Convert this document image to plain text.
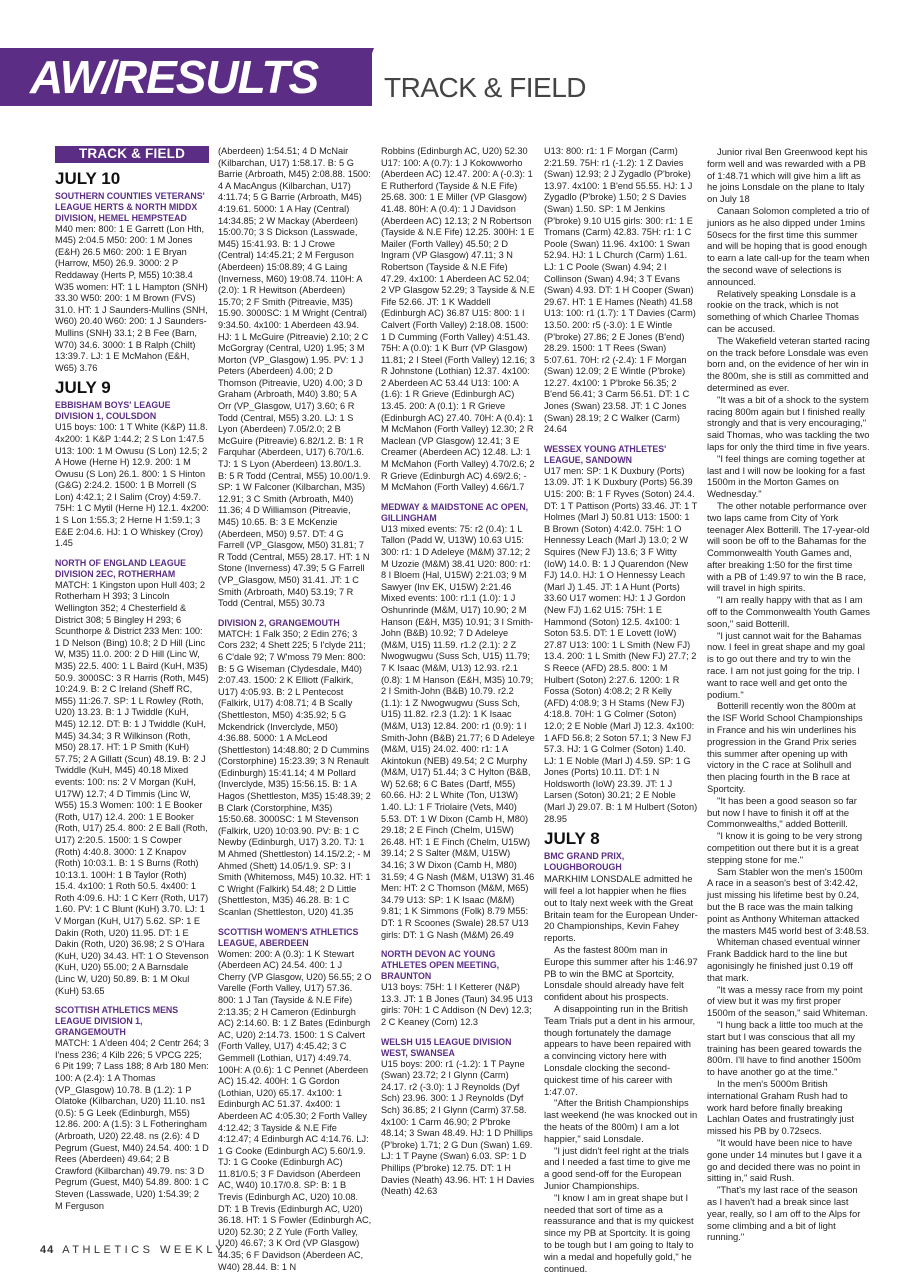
AW/RESULTS TRACK & FIELD
TRACK & FIELD
JULY 10
SOUTHERN COUNTIES VETERANS' LEAGUE HERTS & NORTH MIDDX DIVISION, HEMEL HEMPSTEAD

M40 men: 800: 1 E Garrett (Lon Hth, M45) 2:04.5 M50: 200: 1 M Jones (E&H) 26.5 M60: 200: 1 E Bryan (Harrow, M50) 26.9. 3000: 2 P Reddaway (Herts P, M55) 10:38.4 W35 women: HT: 1 L Hampton (SNH) 33.30 W50: 200: 1 M Brown (FVS) 31.0. HT: 1 J Saunders-Mullins (SNH, W60) 20.40 W60: 200: 1 J Saunders-Mullins (SNH) 33.1; 2 B Fee (Barn, W70) 34.6. 3000: 1 B Ralph (Chilt) 13:39.7. LJ: 1 E McMahon (E&H, W65) 3.76

JULY 9
EBBISHAM BOYS' LEAGUE DIVISION 1, COULSDON

U15 boys: 100: 1 T White (K&P) 11.8. 4x200: 1 K&P 1:44.2; 2 S Lon 1:47.5 U13: 100: 1 M Owusu (S Lon) 12.5; 2 A Howe (Herne H) 12.9. 200: 1 M Owusu (S Lon) 26.1. 800: 1 S Hinton (G&G) 2:24.2. 1500: 1 B Morrell (S Lon) 4:42.1; 2 I Salim (Croy) 4:59.7. 75H: 1 C Mytil (Herne H) 12.1. 4x200: 1 S Lon 1:55.3; 2 Herne H 1:59.1; 3 E&E 2:04.6. HJ: 1 O Whiskey (Croy) 1.45

NORTH OF ENGLAND LEAGUE DIVISION 2EC, ROTHERHAM

MATCH: 1 Kingston upon Hull 403; 2 Rotherham H 393; 3 Lincoln Wellington 352; 4 Chesterfield & District 308; 5 Bingley H 293; 6 Scunthorpe & District 233 Men: 100: 1 D Nelson (Bing) 10.8; 2 D Hill (Linc W, M35) 11.0. 200: 2 D Hill (Linc W, M35) 22.5. 400: 1 L Baird (KuH, M35) 50.9. 3000SC: 3 R Harris (Roth, M45) 10:24.9. B: 2 C Ireland (Sheff RC, M55) 11:26.7. SP: 1 L Rowley (Roth, U20) 13.23. B: 1 J Twiddle (KuH, M45) 12.12. DT: B: 1 J Twiddle (KuH, M45) 34.34; 3 R Wilkinson (Roth, M50) 28.17. HT: 1 P Smith (KuH) 57.75; 2 A Gillatt (Scun) 48.19. B: 2 J Twiddle (KuH, M45) 40.18 Mixed events: 100: ns: 2 V Morgan (KuH, U17W) 12.7; 4 D Timmis (Linc W, W55) 15.3 Women: 100: 1 E Booker (Roth, U17) 12.4. 200: 1 E Booker (Roth, U17) 25.4. 800: 2 E Ball (Roth, U17) 2:20.5. 1500: 1 S Cowper (Roth) 4:40.8. 3000: 1 Z Knapov (Roth) 10:03.1. B: 1 S Burns (Roth) 10:13.1. 100H: 1 B Taylor (Roth) 15.4. 4x100: 1 Roth 50.5. 4x400: 1 Roth 4:09.6. HJ: 1 C Kerr (Roth, U17) 1.60. PV: 1 C Blunt (KuH) 3.70. LJ: 1 V Morgan (KuH, U17) 5.62. SP: 1 E Dakin (Roth, U20) 11.95. DT: 1 E Dakin (Roth, U20) 36.98; 2 S O'Hara (KuH, U20) 34.43. HT: 1 O Stevenson (KuH, U20) 55.00; 2 A Barnsdale (Linc W, U20) 50.89. B: 1 M Okul (KuH) 53.65

SCOTTISH ATHLETICS MENS LEAGUE DIVISION 1, GRANGEMOUTH

MATCH: 1 A'deen 404; 2 Centr 264; 3 I'ness 236; 4 Kilb 226; 5 VPCG 225; 6 Pit 199; 7 Lass 188; 8 Arb 180 Men: 100: A (2.4): 1 A Thomas (VP_Glasgow) 10.78. B (1.2): 1 P Olatoke (Kilbarchan, U20) 11.10. ns1 (0.5): 5 G Leek (Edinburgh, M55) 12.86. 200: A (1.5): 3 L Fotheringham (Arbroath, U20) 22.48. ns (2.6): 4 D Pegrum (Guest, M40) 24.54. 400: 1 D Rees (Aberdeen) 49.64; 2 B Crawford (Kilbarchan) 49.79. ns: 3 D Pegrum (Guest, M40) 54.89. 800: 1 C Steven (Lasswade, U20) 1:54.39; 2 M Ferguson

(Aberdeen) 1:54.51; 4 D McNair (Kilbarchan, U17) 1:58.17. B: 5 G Barrie (Arbroath, M45) 2:08.88. 1500: 4 A MacAngus (Kilbarchan, U17) 4:11.74; 5 G Barrie (Arbroath, M45) 4:19.61. 5000: 1 A Hay (Central) 14:34.85; 2 W Mackay (Aberdeen) 15:00.70; 3 S Dickson (Lasswade, M45) 15:41.93. B: 1 J Crowe (Central) 14:45.21; 2 M Ferguson (Aberdeen) 15:08.89; 4 G Laing (Inverness, M60) 19:08.74. 110H: A (2.0): 1 R Hewitson (Aberdeen) 15.70; 2 F Smith (Pitreavie, M35) 15.90. 3000SC: 1 M Wright (Central) 9:34.50. 4x100: 1 Aberdeen 43.94. HJ: 1 L McGuire (Pitreavie) 2.10; 2 C McGorgray (Central, U20) 1.95; 3 M Morton (VP_Glasgow) 1.95. PV: 1 J Peters (Aberdeen) 4.00; 2 D Thomson (Pitreavie, U20) 4.00; 3 D Graham (Arbroath, M40) 3.80; 5 A Orr (VP_Glasgow, U17) 3.60; 6 R Todd (Central, M55) 3.20. LJ: 1 S Lyon (Aberdeen) 7.05/2.0; 2 B McGuire (Pitreavie) 6.82/1.2. B: 1 R Farquhar (Aberdeen, U17) 6.70/1.6. TJ: 1 S Lyon (Aberdeen) 13.80/1.3. B: 5 R Todd (Central, M55) 10.00/1.9. SP: 1 W Falconer (Kilbarchan, M35) 12.91; 3 C Smith (Arbroath, M40) 11.36; 4 D Williamson (Pitreavie, M45) 10.65. B: 3 E McKenzie (Aberdeen, M50) 9.57. DT: 4 G Farrell (VP_Glasgow, M50) 31.81; 7 R Todd (Central, M55) 28.17. HT: 1 N Stone (Inverness) 47.39; 5 G Farrell (VP_Glasgow, M50) 31.41. JT: 1 C Smith (Arbroath, M40) 53.19; 7 R Todd (Central, M55) 30.73

DIVISION 2, GRANGEMOUTH

MATCH: 1 Falk 350; 2 Edin 276; 3 Cors 232; 4 Shett 225; 5 I'clyde 211; 6 C'dale 92; 7 W'moss 79 Men: 800: B: 5 G Wiseman (Clydesdale, M40) 2:07.43. 1500: 2 K Elliott (Falkirk, U17) 4:05.93. B: 2 L Pentecost (Falkirk, U17) 4:08.71; 4 B Scally (Shettleston, M50) 4:35.92; 5 G Mckendrick (Inverclyde, M50) 4:36.88. 5000: 1 A McLeod (Shettleston) 14:48.80; 2 D Cummins (Corstorphine) 15:23.39; 3 N Renault (Edinburgh) 15:41.14; 4 M Pollard (Inverclyde, M35) 15:56.15. B: 1 A Hagos (Shettleston, M35) 15:48.39; 2 B Clark (Corstorphine, M35) 15:50.68. 3000SC: 1 M Stevenson (Falkirk, U20) 10:03.90. PV: B: 1 C Newby (Edinburgh, U17) 3.20. TJ: 1 M Ahmed (Shettleston) 14.15/2.2; - M Ahmed (Shett) 14.05/1.9. SP: 3 I Smith (Whitemoss, M45) 10.32. HT: 1 C Wright (Falkirk) 54.48; 2 D Little (Shettleston, M35) 46.28. B: 1 C Scanlan (Shettleston, U20) 41.35

SCOTTISH WOMEN'S ATHLETICS LEAGUE, ABERDEEN

Women: 200: A (0.3): 1 K Stewart (Aberdeen AC) 24.54. 400: 1 J Cherry (VP Glasgow, U20) 56.55; 2 O Varelle (Forth Valley, U17) 57.36. 800: 1 J Tan (Tayside & N.E Fife) 2:13.35; 2 H Cameron (Edinburgh AC) 2:14.60. B: 1 Z Bates (Edinburgh AC, U20) 2:14.73. 1500: 1 S Calvert (Forth Valley, U17) 4:45.42; 3 C Gemmell (Lothian, U17) 4:49.74. 100H: A (0.6): 1 C Pennet (Aberdeen AC) 15.42. 400H: 1 G Gordon (Lothian, U20) 65.17. 4x100: 1 Edinburgh AC 51.37. 4x400: 1 Aberdeen AC 4:05.30; 2 Forth Valley 4:12.42; 3 Tayside & N.E Fife 4:12.47; 4 Edinburgh AC 4:14.76. LJ: 1 G Cooke (Edinburgh AC) 5.60/1.9. TJ: 1 G Cooke (Edinburgh AC) 11.81/0.5; 3 F Davidson (Aberdeen AC, W40) 10.17/0.8. SP: B: 1 B Trevis (Edinburgh AC, U20) 10.08. DT: 1 B Trevis (Edinburgh AC, U20) 36.18. HT: 1 S Fowler (Edinburgh AC, U20) 52.30; 2 Z Yule (Forth Valley, U20) 46.67; 3 K Ord (VP Glasgow) 44.35; 6 F Davidson (Aberdeen AC, W40) 28.44. B: 1 N

Robbins (Edinburgh AC, U20) 52.30 U17: 100: A (0.7): 1 J Kokowworho (Aberdeen AC) 12.47. 200: A (-0.3): 1 E Rutherford (Tayside & N.E Fife) 25.68. 300: 1 E Miller (VP Glasgow) 41.48. 80H: A (0.4): 1 J Davidson (Aberdeen AC) 12.13; 2 N Robertson (Tayside & N.E Fife) 12.25. 300H: 1 E Mailer (Forth Valley) 45.50; 2 D Ingram (VP Glasgow) 47.11; 3 N Robertson (Tayside & N.E Fife) 47.29. 4x100: 1 Aberdeen AC 52.04; 2 VP Glasgow 52.29; 3 Tayside & N.E Fife 52.66. JT: 1 K Waddell (Edinburgh AC) 36.87 U15: 800: 1 I Calvert (Forth Valley) 2:18.08. 1500: 1 D Cumming (Forth Valley) 4:51.43. 75H: A (0.0): 1 K Burr (VP Glasgow) 11.81; 2 I Steel (Forth Valley) 12.16; 3 R Johnstone (Lothian) 12.37. 4x100: 2 Aberdeen AC 53.44 U13: 100: A (1.6): 1 R Grieve (Edinburgh AC) 13.45. 200: A (0.1): 1 R Grieve (Edinburgh AC) 27.40. 70H: A (0.4): 1 M McMahon (Forth Valley) 12.30; 2 R Maclean (VP Glasgow) 12.41; 3 E Creamer (Aberdeen AC) 12.48. LJ: 1 M McMahon (Forth Valley) 4.70/2.6; 2 R Grieve (Edinburgh AC) 4.69/2.6; - M McMahon (Forth Valley) 4.66/1.7

MEDWAY & MAIDSTONE AC OPEN, GILLINGHAM

U13 mixed events: 75: r2 (0.4): 1 L Tallon (Padd W, U13W) 10.63 U15: 300: r1: 1 D Adeleye (M&M) 37.12; 2 M Uzozie (M&M) 38.41 U20: 800: r1: 8 I Bloem (Hal, U15W) 2:21.03; 9 M Sawyer (Inv EK, U15W) 2:21.46 Mixed events: 100: r1.1 (1.0): 1 J Oshunrinde (M&M, U17) 10.90; 2 M Hanson (E&H, M35) 10.91; 3 I Smith-John (B&B) 10.92; 7 D Adeleye (M&M, U15) 11.59. r1.2 (2.1): 2 Z Nwogwugwu (Suss Sch, U15) 11.79; 7 K Isaac (M&M, U13) 12.93. r2.1 (0.8): 1 M Hanson (E&H, M35) 10.79; 2 I Smith-John (B&B) 10.79. r2.2 (1.1): 1 Z Nwogwugwu (Suss Sch, U15) 11.82. r2.3 (1.2): 1 K Isaac (M&M, U13) 12.84. 200: r1 (0.9): 1 I Smith-John (B&B) 21.77; 6 D Adeleye (M&M, U15) 24.02. 400: r1: 1 A Akintokun (NEB) 49.54; 2 C Murphy (M&M, U17) 51.44; 3 C Hylton (B&B, W) 52.68; 6 C Bates (Dartf, M55) 60.66. HJ: 2 L White (Ton, U13W) 1.40. LJ: 1 F Triolaire (Vets, M40) 5.53. DT: 1 W Dixon (Camb H, M80) 29.18; 2 E Finch (Chelm, U15W) 26.48. HT: 1 E Finch (Chelm, U15W) 39.14; 2 S Salter (M&M, U15W) 34.16; 3 W Dixon (Camb H, M80) 31.59; 4 G Nash (M&M, U13W) 31.46 Men: HT: 2 C Thomson (M&M, M65) 34.79 U13: SP: 1 K Isaac (M&M) 9.81; 1 K Simmons (Folk) 8.79 M55: DT: 1 R Scoones (Swale) 28.57 U13 girls: DT: 1 G Nash (M&M) 26.49

NORTH DEVON AC YOUNG ATHLETES OPEN MEETING, BRAUNTON

U13 boys: 75H: 1 I Ketterer (N&P) 13.3. JT: 1 B Jones (Taun) 34.95 U13 girls: 70H: 1 C Addison (N Dev) 12.3; 2 C Keaney (Corn) 12.3

WELSH U15 LEAGUE DIVISION WEST, SWANSEA

U15 boys: 200: r1 (-1.2): 1 T Payne (Swan) 23.72; 2 I Glynn (Carm) 24.17. r2 (-3.0): 1 J Reynolds (Dyf Sch) 23.96. 300: 1 J Reynolds (Dyf Sch) 36.85; 2 I Glynn (Carm) 37.58. 4x100: 1 Carm 46.90; 2 P'broke 48.14; 3 Swan 48.49. HJ: 1 D Phillips (P'broke) 1.71; 2 G Dun (Swan) 1.69. LJ: 1 T Payne (Swan) 6.03. SP: 1 D Phillips (P'broke) 12.75. DT: 1 H Davies (Neath) 43.96. HT: 1 H Davies (Neath) 42.63

U13: 800: r1: 1 F Morgan (Carm) 2:21.59. 75H: r1 (-1.2): 1 Z Davies (Swan) 12.93; 2 J Zygadlo (P'broke) 13.97. 4x100: 1 B'end 55.55. HJ: 1 J Zygadlo (P'broke) 1.50; 2 S Davies (Swan) 1.50. SP: 1 M Jenkins (P'broke) 9.10 U15 girls: 300: r1: 1 E Tromans (Carm) 42.83. 75H: r1: 1 C Poole (Swan) 11.96. 4x100: 1 Swan 52.94. HJ: 1 L Church (Carm) 1.61. LJ: 1 C Poole (Swan) 4.94; 2 I Collinson (Swan) 4.94; 3 T Evans (Swan) 4.93. DT: 1 H Cooper (Swan) 29.67. HT: 1 E Hames (Neath) 41.58 U13: 100: r1 (1.7): 1 T Davies (Carm) 13.50. 200: r5 (-3.0): 1 E Wintle (P'broke) 27.86; 2 E Jones (B'end) 28.29. 1500: 1 T Rees (Swan) 5:07.61. 70H: r2 (-2.4): 1 F Morgan (Swan) 12.09; 2 E Wintle (P'broke) 12.27. 4x100: 1 P'broke 56.35; 2 B'end 56.41; 3 Carm 56.51. DT: 1 C Jones (Swan) 23.58. JT: 1 C Jones (Swan) 28.19; 2 C Walker (Carm) 24.64

WESSEX YOUNG ATHLETES' LEAGUE, SANDOWN

U17 men: SP: 1 K Duxbury (Ports) 13.09. JT: 1 K Duxbury (Ports) 56.39 U15: 200: B: 1 F Ryves (Soton) 24.4. DT: 1 T Pattison (Ports) 33.46. JT: 1 T Holmes (Marl J) 50.81 U13: 1500: 1 B Brown (Soton) 4:42.0. 75H: 1 O Hennessy Leach (Marl J) 13.0; 2 W Squires (New FJ) 13.6; 3 F Witty (IoW) 14.0. B: 1 J Quarendon (New FJ) 14.0. HJ: 1 O Hennessy Leach (Marl J) 1.45. JT: 1 A Hunt (Ports) 33.60 U17 women: HJ: 1 J Gordon (New FJ) 1.62 U15: 75H: 1 E Hammond (Soton) 12.5. 4x100: 1 Soton 53.5. DT: 1 E Lovett (IoW) 27.87 U13: 100: 1 L Smith (New FJ) 13.4. 200: 1 L Smith (New FJ) 27.7; 2 S Reece (AFD) 28.5. 800: 1 M Hulbert (Soton) 2:27.6. 1200: 1 R Fossa (Soton) 4:08.2; 2 R Kelly (AFD) 4:08.9; 3 H Stams (New FJ) 4:18.8. 70H: 1 G Colmer (Soton) 12.0; 2 E Noble (Marl J) 12.3. 4x100: 1 AFD 56.8; 2 Soton 57.1; 3 New FJ 57.3. HJ: 1 G Colmer (Soton) 1.40. LJ: 1 E Noble (Marl J) 4.59. SP: 1 G Jones (Ports) 10.11. DT: 1 N Holdsworth (IoW) 23.39. JT: 1 J Larsen (Soton) 30.21; 2 E Noble (Marl J) 29.07. B: 1 M Hulbert (Soton) 28.95

JULY 8
BMC GRAND PRIX, LOUGHBOROUGH

MARKHIM LONSDALE admitted he will feel a lot happier when he flies out to Italy next week with the Great Britain team for the European Under-20 Championships, Kevin Fahey reports.

As the fastest 800m man in Europe this summer after his 1:46.97 PB to win the BMC at Sportcity, Lonsdale should already have felt confident about his prospects.

A disappointing run in the British Team Trials put a dent in his armour, though fortunately the damage appears to have been repaired with a convincing victory here with Lonsdale clocking the second-quickest time of his career with 1:47.07.

"After the British Championships last weekend (he was knocked out in the heats of the 800m) I am a lot happier," said Lonsdale.

"I just didn't feel right at the trials and I needed a fast time to give me a good send-off for the European Junior Championships.

"I know I am in great shape but I needed that sort of time as a reassurance and that is my quickest since my PB at Sportcity. It is going to be tough but I am going to Italy to win a medal and hopefully gold," he continued.

Junior rival Ben Greenwood kept his form well and was rewarded with a PB of 1:48.71 which will give him a lift as he joins Lonsdale on the plane to Italy on July 18

Canaan Solomon completed a trio of juniors as he also dipped under 1mins 50secs for the first time this summer and will be hoping that is good enough to earn a late call-up for the team when the second wave of selections is announced.

Relatively speaking Lonsdale is a rookie on the track, which is not something of which Charlee Thomas can be accused.

The Wakefield veteran started racing on the track before Lonsdale was even born and, on the evidence of her win in the 800m, she is still as committed and determined as ever.

"It was a bit of a shock to the system racing 800m again but I finished really strongly and that is very encouraging," said Thomas, who was tackling the two laps for only the third time in five years.

"I feel things are coming together at last and I will now be looking for a fast 1500m in the Morton Games on Wednesday."

The other notable performance over two laps came from City of York teenager Alex Botterill. The 17-year-old will soon be off to the Bahamas for the Commonwealth Youth Games and, after breaking 1:50 for the first time with a PB of 1:49.97 to win the B race, will travel in high spirits.

"I am really happy with that as I am off to the Commonwealth Youth Games soon," said Botterill.

"I just cannot wait for the Bahamas now. I feel in great shape and my goal is to go out there and try to win the race. I am not just going for the trip. I want to race well and get onto the podium."

Botterill recently won the 800m at the ISF World School Championships in France and his win underlines his progression in the Grand Prix series this summer after opening up with victory in the C race at Solihull and then placing fourth in the B race at Sportcity.

"It has been a good season so far but now I have to finish it off at the Commonwealths," added Botterill.

"I know it is going to be very strong competition out there but it is a great stepping stone for me."

Sam Stabler won the men's 1500m A race in a season's best of 3:42.42, just missing his lifetime best by 0.24, but the B race was the main talking point as Anthony Whiteman attacked the masters M45 world best of 3:48.53.

Whiteman chased eventual winner Frank Baddick hard to the line but agonisingly he finished just 0.19 off that mark.

"It was a messy race from my point of view but it was my first proper 1500m of the season," said Whiteman.

"I hung back a little too much at the start but I was conscious that all my training has been geared towards the 800m. I'll have to find another 1500m to have another go at the time."

In the men's 5000m British international Graham Rush had to work hard before finally breaking Lachlan Oates and frustratingly just missed his PB by 0.72secs.

"It would have been nice to have gone under 14 minutes but I gave it a go and decided there was no point in sitting in," said Rush.

"That's my last race of the season as I haven't had a break since last year, really, so I am off to the Alps for some climbing and a bit of light running."

44 ATHLETICS WEEKLY
